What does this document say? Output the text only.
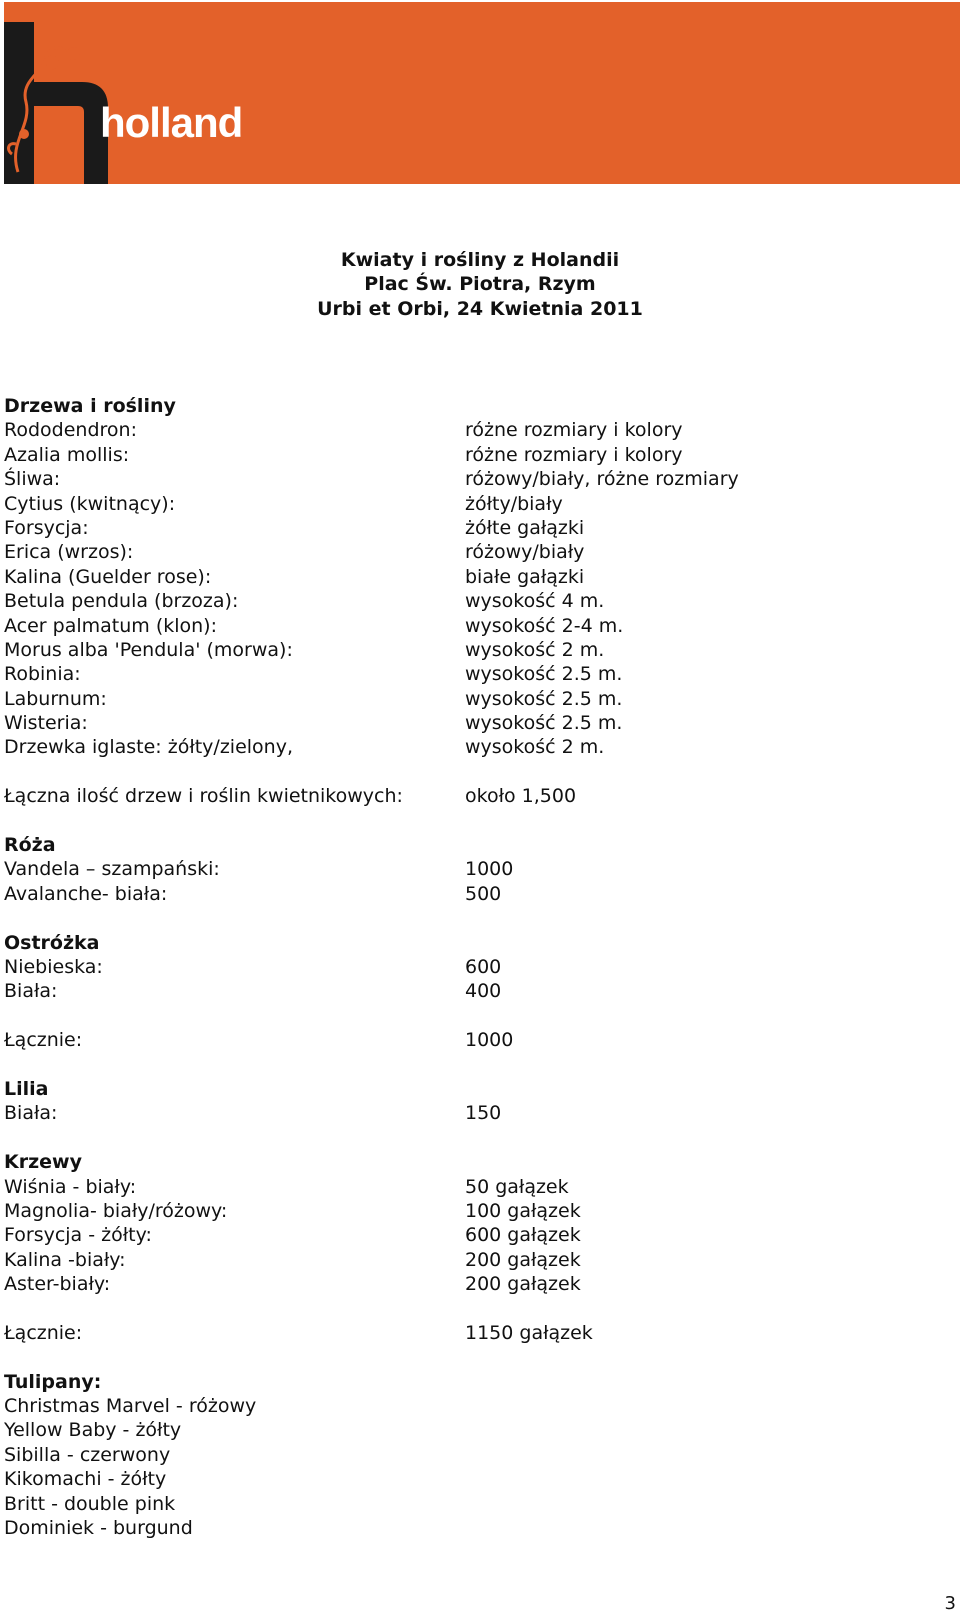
holland
Kwiaty i rośliny z Holandii
Plac Św. Piotra, Rzym
Urbi et Orbi, 24 Kwietnia 2011
Drzewa i rośliny
Rododendron:	różne rozmiary i kolory
Azalia mollis:	różne rozmiary i kolory
Śliwa:	różowy/biały, różne rozmiary
Cytius (kwitnący):	żółty/biały
Forsycja:	żółte gałązki
Erica (wrzos):	różowy/biały
Kalina (Guelder rose):	białe gałązki
Betula pendula (brzoza):	wysokość 4 m.
Acer palmatum (klon):	wysokość 2-4 m.
Morus alba 'Pendula' (morwa):	wysokość 2 m.
Robinia:	wysokość 2.5 m.
Laburnum:	wysokość 2.5 m.
Wisteria:	wysokość 2.5 m.
Drzewka iglaste: żółty/zielony,	wysokość 2 m.
Łączna ilość drzew i roślin kwietnikowych:	około 1,500
Róża
Vandela – szampański:	1000
Avalanche- biała:	500
Ostróżka
Niebieska:	600
Biała:	400
Łącznie:	1000
Lilia
Biała:	150
Krzewy
Wiśnia - biały:	50 gałązek
Magnolia- biały/różowy:	100 gałązek
Forsycja - żółty:	600 gałązek
Kalina -biały:	200 gałązek
Aster-biały:	200 gałązek
Łącznie:	1150 gałązek
Tulipany:
Christmas Marvel - różowy
Yellow Baby - żółty
Sibilla - czerwony
Kikomachi - żółty
Britt - double pink
Dominiek - burgund
3
